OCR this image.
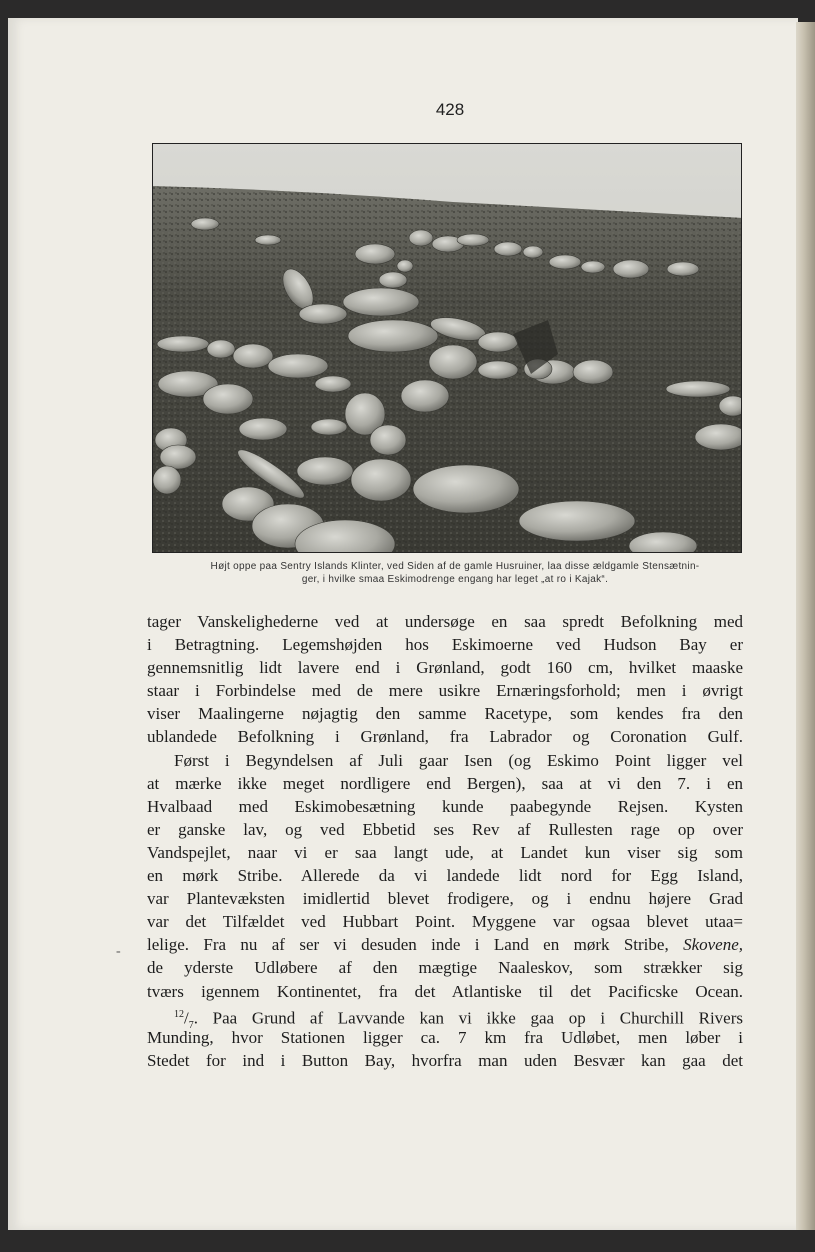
428
Højt oppe paa Sentry Islands Klinter, ved Siden af de gamle Husruiner, laa disse ældgamle Stensætnin-
ger, i hvilke smaa Eskimodrenge engang har leget „at ro i Kajak“.
tager Vanskelighederne ved at undersøge en saa spredt Befolkning med
i Betragtning. Legemshøjden hos Eskimoerne ved Hudson Bay er
gennemsnitlig lidt lavere end i Grønland, godt 160 cm, hvilket maaske
staar i Forbindelse med de mere usikre Ernæringsforhold; men i øvrigt
viser Maalingerne nøjagtig den samme Racetype, som kendes fra den
ublandede Befolkning i Grønland, fra Labrador og Coronation Gulf.
Først i Begyndelsen af Juli gaar Isen (og Eskimo Point ligger vel
at mærke ikke meget nordligere end Bergen), saa at vi den 7. i en
Hvalbaad med Eskimobesætning kunde paabegynde Rejsen. Kysten
er ganske lav, og ved Ebbetid ses Rev af Rullesten rage op over
Vandspejlet, naar vi er saa langt ude, at Landet kun viser sig som
en mørk Stribe. Allerede da vi landede lidt nord for Egg Island,
var Plantevæksten imidlertid blevet frodigere, og i endnu højere Grad
var det Tilfældet ved Hubbart Point. Myggene var ogsaa blevet utaa=
lelige. Fra nu af ser vi desuden inde i Land en mørk Stribe, Skovene,
de yderste Udløbere af den mægtige Naaleskov, som strækker sig
tværs igennem Kontinentet, fra det Atlantiske til det Pacificske Ocean.
$^{12}/_7$. Paa Grund af Lavvande kan vi ikke gaa op i Churchill Rivers
Munding, hvor Stationen ligger ca. 7 km fra Udløbet, men løber i
Stedet for ind i Button Bay, hvorfra man uden Besvær kan gaa det
-
